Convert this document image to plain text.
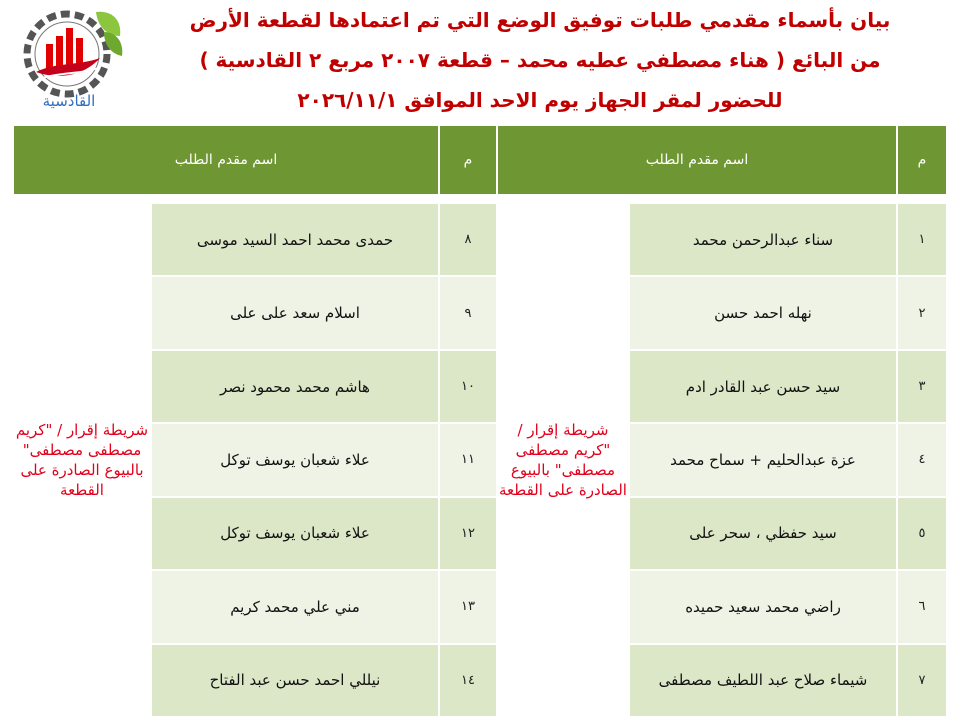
القادسية
بيان بأسماء مقدمي طلبات توفيق الوضع التي تم اعتمادها لقطعة الأرض
من البائع ( هناء مصطفي عطيه محمد – قطعة ٢٠٠٧ مربع ٢ القادسية )
للحضور لمقر الجهاز يوم الاحد الموافق ٢٠٢٦/١١/١
م	اسم مقدم الطلب		م	اسم مقدم الطلب	

١	سناء عبدالرحمن محمد	شريطة إقرار / "كريم مصطفى مصطفى" بالبيوع الصادرة على القطعة	٨	حمدى محمد احمد السيد موسى	شريطة إقرار / "كريم مصطفى مصطفى" بالبيوع الصادرة على القطعة
٢	نهله احمد حسن		٩	اسلام سعد على على	
٣	سيد حسن عبد القادر ادم		١٠	هاشم محمد محمود نصر	
٤	عزة عبدالحليم + سماح محمد		١١	علاء شعبان يوسف توكل	
٥	سيد حفظي ، سحر على		١٢	علاء شعبان يوسف توكل	
٦	راضي محمد سعيد حميده		١٣	مني علي محمد كريم	
٧	شيماء صلاح عبد اللطيف مصطفى		١٤	نيللي احمد حسن عبد الفتاح	
